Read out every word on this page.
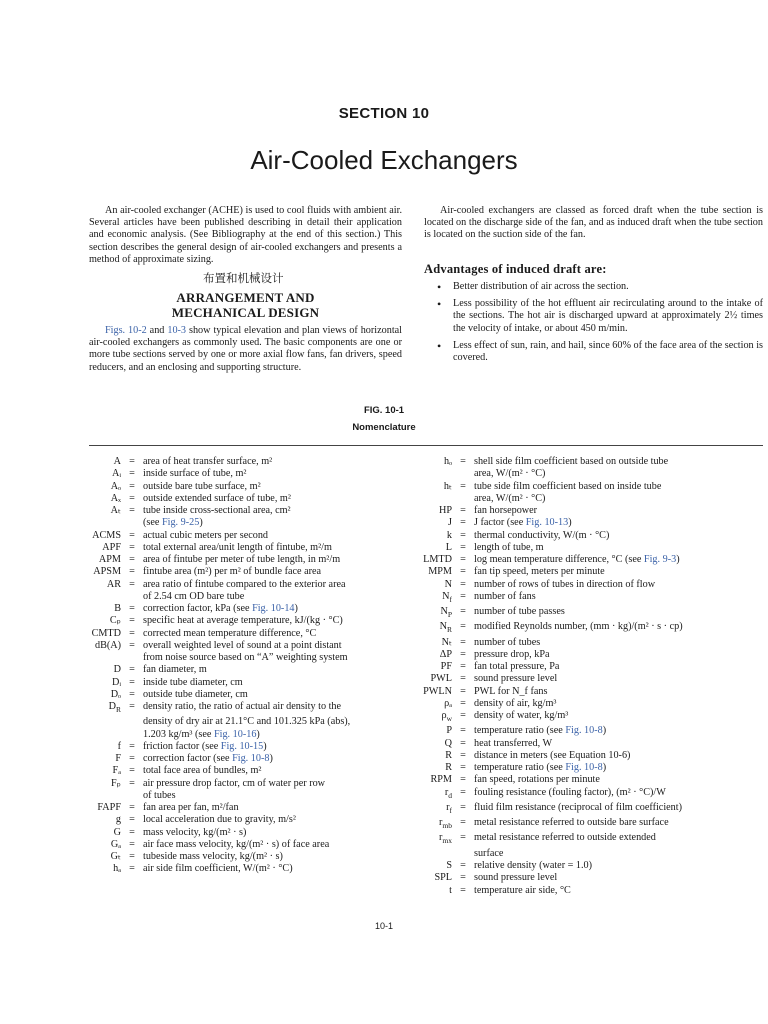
SECTION 10
Air-Cooled Exchangers
An air-cooled exchanger (ACHE) is used to cool fluids with ambient air. Several articles have been published describing in detail their application and economic analysis. (See Bibliography at the end of this section.) This section describes the general design of air-cooled exchangers and presents a method of approximate sizing.
布置和机械设计
ARRANGEMENT AND
MECHANICAL DESIGN
Figs. 10-2 and 10-3 show typical elevation and plan views of horizontal air-cooled exchangers as commonly used. The basic components are one or more tube sections served by one or more axial flow fans, fan drivers, speed reducers, and an enclosing and supporting structure.
Air-cooled exchangers are classed as forced draft when the tube section is located on the discharge side of the fan, and as induced draft when the tube section is located on the suction side of the fan.
Advantages of induced draft are:
• Better distribution of air across the section.
• Less possibility of the hot effluent air recirculating around to the intake of the sections. The hot air is discharged upward at approximately 2½ times the velocity of intake, or about 450 m/min.
• Less effect of sun, rain, and hail, since 60% of the face area of the section is covered.
FIG. 10-1
Nomenclature
A = area of heat transfer surface, m²
Aᵢ = inside surface of tube, m²
Aₒ = outside bare tube surface, m²
Aₓ = outside extended surface of tube, m²
Aₜ = tube inside cross-sectional area, cm²
(see Fig. 9-25)
ACMS = actual cubic meters per second
APF = total external area/unit length of fintube, m²/m
APM = area of fintube per meter of tube length, in m²/m
APSM = fintube area (m²) per m² of bundle face area
AR = area ratio of fintube compared to the exterior area
of 2.54 cm OD bare tube
B = correction factor, kPa (see Fig. 10-14)
Cₚ = specific heat at average temperature, kJ/(kg · °C)
CMTD = corrected mean temperature difference, °C
dB(A) = overall weighted level of sound at a point distant
from noise source based on “A” weighting system
D = fan diameter, m
Dᵢ = inside tube diameter, cm
Dₒ = outside tube diameter, cm
$D_R$ = density ratio, the ratio of actual air density to the
density of dry air at 21.1°C and 101.325 kPa (abs),
1.203 kg/m³ (see Fig. 10-16)
f = friction factor (see Fig. 10-15)
F = correction factor (see Fig. 10-8)
Fₐ = total face area of bundles, m²
Fₚ = air pressure drop factor, cm of water per row
of tubes
FAPF = fan area per fan, m²/fan
g = local acceleration due to gravity, m/s²
G = mass velocity, kg/(m² · s)
Gₐ = air face mass velocity, kg/(m² · s) of face area
Gₜ = tubeside mass velocity, kg/(m² · s)
hₐ = air side film coefficient, W/(m² · °C)
hₒ = shell side film coefficient based on outside tube
area, W/(m² · °C)
hₜ = tube side film coefficient based on inside tube
area, W/(m² · °C)
HP = fan horsepower
J = J factor (see Fig. 10-13)
k = thermal conductivity, W/(m · °C)
L = length of tube, m
LMTD = log mean temperature difference, °C (see Fig. 9-3)
MPM = fan tip speed, meters per minute
N = number of rows of tubes in direction of flow
$N_f$ = number of fans
$N_P$ = number of tube passes
$N_R$ = modified Reynolds number, (mm · kg)/(m² · s · cp)
Nₜ = number of tubes
ΔP = pressure drop, kPa
PF = fan total pressure, Pa
PWL = sound pressure level
PWLN = PWL for N_f fans
ρₐ = density of air, kg/m³
$\rho_w$ = density of water, kg/m³
P = temperature ratio (see Fig. 10-8)
Q = heat transferred, W
R = distance in meters (see Equation 10-6)
R = temperature ratio (see Fig. 10-8)
RPM = fan speed, rotations per minute
$r_d$ = fouling resistance (fouling factor), (m² · °C)/W
$r_f$ = fluid film resistance (reciprocal of film coefficient)
$r_{mb}$ = metal resistance referred to outside bare surface
$r_{mx}$ = metal resistance referred to outside extended
surface
S = relative density (water = 1.0)
SPL = sound pressure level
t = temperature air side, °C
10-1
